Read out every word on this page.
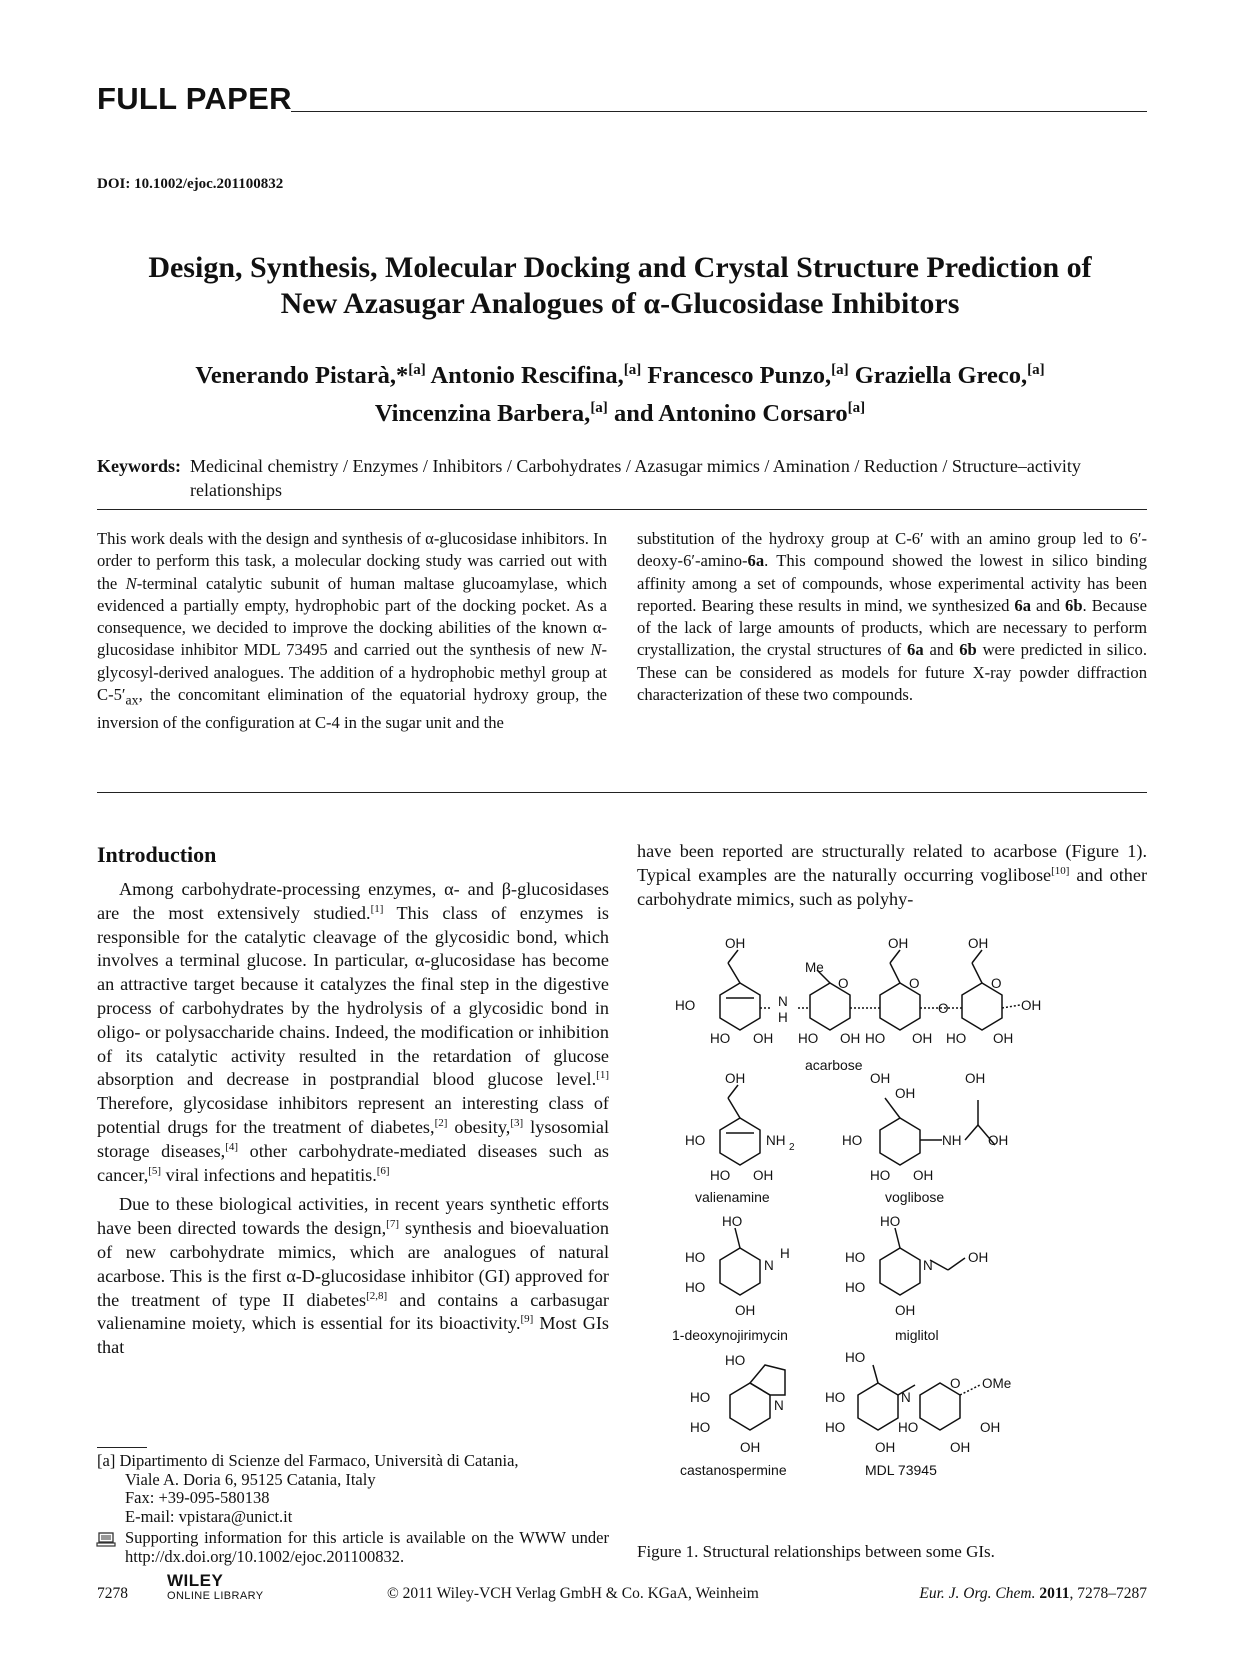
FULL PAPER
DOI: 10.1002/ejoc.201100832
Design, Synthesis, Molecular Docking and Crystal Structure Prediction of
New Azasugar Analogues of α-Glucosidase Inhibitors
Venerando Pistarà,*[a] Antonio Rescifina,[a] Francesco Punzo,[a] Graziella Greco,[a]
Vincenzina Barbera,[a] and Antonino Corsaro[a]
Keywords: Medicinal chemistry / Enzymes / Inhibitors / Carbohydrates / Azasugar mimics / Amination / Reduction / Structure–activity relationships
This work deals with the design and synthesis of α-glucosidase inhibitors. In order to perform this task, a molecular docking study was carried out with the N-terminal catalytic subunit of human maltase glucoamylase, which evidenced a partially empty, hydrophobic part of the docking pocket. As a consequence, we decided to improve the docking abilities of the known α-glucosidase inhibitor MDL 73495 and carried out the synthesis of new N-glycosyl-derived analogues. The addition of a hydrophobic methyl group at $C-5'_{ax}$, the concomitant elimination of the equatorial hydroxy group, the inversion of the configuration at C-4 in the sugar unit and the
substitution of the hydroxy group at C-6′ with an amino group led to 6′-deoxy-6′-amino-6a. This compound showed the lowest in silico binding affinity among a set of compounds, whose experimental activity has been reported. Bearing these results in mind, we synthesized 6a and 6b. Because of the lack of large amounts of products, which are necessary to perform crystallization, the crystal structures of 6a and 6b were predicted in silico. These can be considered as models for future X-ray powder diffraction characterization of these two compounds.
Introduction

Among carbohydrate-processing enzymes, α- and β-glucosidases are the most extensively studied.[1] This class of enzymes is responsible for the catalytic cleavage of the glycosidic bond, which involves a terminal glucose. In particular, α-glucosidase has become an attractive target because it catalyzes the final step in the digestive process of carbohydrates by the hydrolysis of a glycosidic bond in oligo- or polysaccharide chains. Indeed, the modification or inhibition of its catalytic activity resulted in the retardation of glucose absorption and decrease in postprandial blood glucose level.[1] Therefore, glycosidase inhibitors represent an interesting class of potential drugs for the treatment of diabetes,[2] obesity,[3] lysosomial storage diseases,[4] other carbohydrate-mediated diseases such as cancer,[5] viral infections and hepatitis.[6]

Due to these biological activities, in recent years synthetic efforts have been directed towards the design,[7] synthesis and bioevaluation of new carbohydrate mimics, which are analogues of natural acarbose. This is the first α-D-glucosidase inhibitor (GI) approved for the treatment of type II diabetes[2,8] and contains a carbasugar valienamine moiety, which is essential for its bioactivity.[9] Most GIs that

have been reported are structurally related to acarbose (Figure 1). Typical examples are the naturally occurring voglibose[10] and other carbohydrate mimics, such as polyhy-
[a] Dipartimento di Scienze del Farmaco, Università di Catania,
Viale A. Doria 6, 95125 Catania, Italy
Fax: +39-095-580138
E-mail: vpistara@unict.it
Supporting information for this article is available on the WWW under http://dx.doi.org/10.1002/ejoc.201100832.
OH
HO
HO OH
N
H
Me
O
HO OH
OH
O
HO OH
O
OH
O
HO OH
OH
OH
HO	NH 2
HO OH
OH
OH
OH
HO	NH OH
HO OH
HO
HO
N
H
HO
OH
HO
HO
N
OH
HO
OH
HO
HO
N
HO
OH
HO
HO	N
O OMe
HO	HO	OH
OH	OH
acarbose
valienamine	voglibose
1-deoxynojirimycin	miglitol
castanospermine	MDL 73945
Figure 1. Structural relationships between some GIs.
7278
WILEY
ONLINE LIBRARY	© 2011 Wiley-VCH Verlag GmbH & Co. KGaA, Weinheim	Eur. J. Org. Chem. 2011, 7278–7287
